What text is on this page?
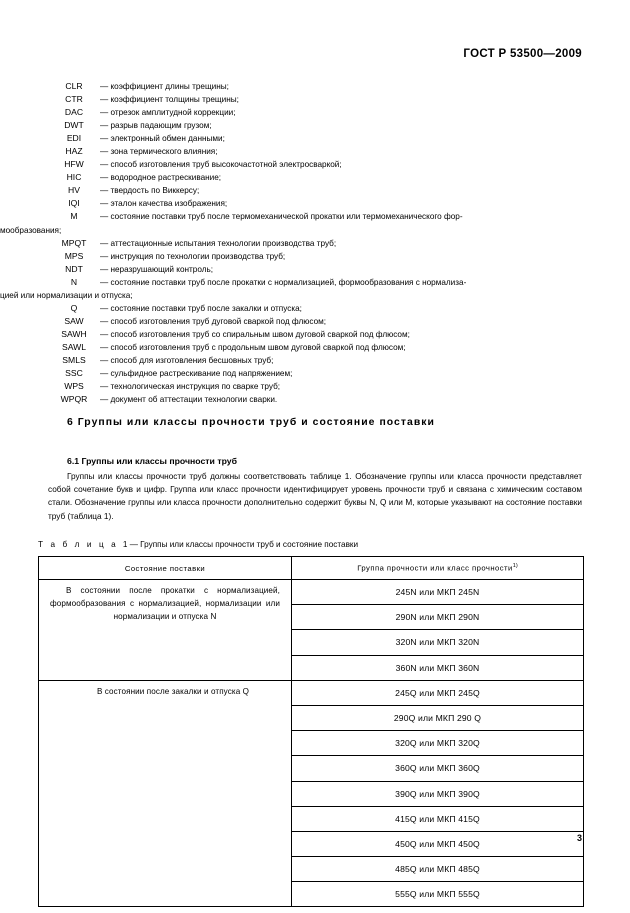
ГОСТ Р 53500—2009
CLR	— коэффициент длины трещины;
CTR	— коэффициент толщины трещины;
DAC	— отрезок амплитудной коррекции;
DWT	— разрыв падающим грузом;
EDI	— электронный обмен данными;
HAZ	— зона термического влияния;
HFW	— способ изготовления труб высокочастотной электросваркой;
HIC	— водородное растрескивание;
HV	— твердость по Виккерсу;
IQI	— эталон качества изображения;
M	— состояние поставки труб после термомеханической прокатки или термомеханического фор-
мообразования;
MPQT	— аттестационные испытания технологии производства труб;
MPS	— инструкция по технологии производства труб;
NDT	— неразрушающий контроль;
N	— состояние поставки труб после прокатки с нормализацией, формообразования с нормализа-
цией или нормализации и отпуска;
Q	— состояние поставки труб после закалки и отпуска;
SAW	— способ изготовления труб дуговой сваркой под флюсом;
SAWH	— способ изготовления труб со спиральным швом дуговой сваркой под флюсом;
SAWL	— способ изготовления труб с продольным швом дуговой сваркой под флюсом;
SMLS	— способ для изготовления бесшовных труб;
SSC	— сульфидное растрескивание под напряжением;
WPS	— технологическая инструкция по сварке труб;
WPQR	— документ об аттестации технологии сварки.
6 Группы или классы прочности труб и состояние поставки
6.1 Группы или классы прочности труб
Группы или классы прочности труб должны соответствовать таблице 1. Обозначение группы или класса прочности представляет собой сочетание букв и цифр. Группа или класс прочности идентифицирует уровень прочности труб и связана с химическим составом стали. Обозначение группы или класса прочности дополнительно содержит буквы N, Q или M, которые указывают на состояние поставки труб (таблица 1).
Т а б л и ц а 1 — Группы или классы прочности труб и состояние поставки
Состояние поставки	Группа прочности или класс прочности$^{1)}$

В состоянии после прокатки с нормализацией, формообразования с нормализацией, нормализации или нормализации и отпуска N	245N или МКП 245N
	290N или МКП 290N
	320N или МКП 320N
	360N или МКП 360N

В состоянии после закалки и отпуска Q	245Q или МКП 245Q
	290Q или МКП 290 Q
	320Q или МКП 320Q
	360Q или МКП 360Q
	390Q или МКП 390Q
	415Q или МКП 415Q
	450Q или МКП 450Q
	485Q или МКП 485Q
	555Q или МКП 555Q
3
